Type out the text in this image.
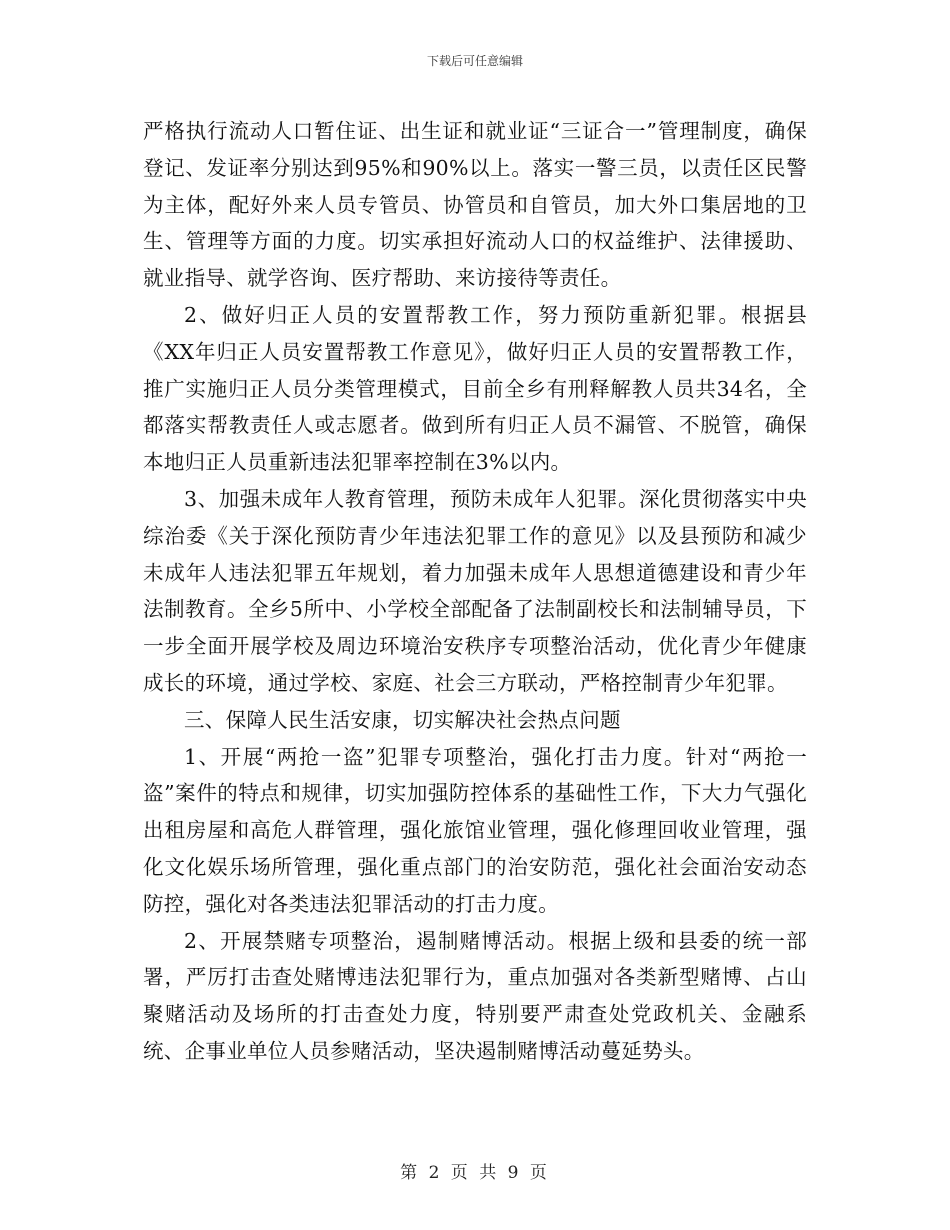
下载后可任意编辑

严格执行流动人口暂住证、出生证和就业证“三证合一”管理制度，确保登记、发证率分别达到95%和90%以上。落实一警三员，以责任区民警为主体，配好外来人员专管员、协管员和自管员，加大外口集居地的卫生、管理等方面的力度。切实承担好流动人口的权益维护、法律援助、就业指导、就学咨询、医疗帮助、来访接待等责任。

2、做好归正人员的安置帮教工作，努力预防重新犯罪。根据县《XX年归正人员安置帮教工作意见》，做好归正人员的安置帮教工作，推广实施归正人员分类管理模式，目前全乡有刑释解教人员共34名，全都落实帮教责任人或志愿者。做到所有归正人员不漏管、不脱管，确保本地归正人员重新违法犯罪率控制在3%以内。

3、加强未成年人教育管理，预防未成年人犯罪。深化贯彻落实中央综治委《关于深化预防青少年违法犯罪工作的意见》以及县预防和减少未成年人违法犯罪五年规划，着力加强未成年人思想道德建设和青少年法制教育。全乡5所中、小学校全部配备了法制副校长和法制辅导员，下一步全面开展学校及周边环境治安秩序专项整治活动，优化青少年健康成长的环境，通过学校、家庭、社会三方联动，严格控制青少年犯罪。

三、保障人民生活安康，切实解决社会热点问题

1、开展“两抢一盗”犯罪专项整治，强化打击力度。针对“两抢一盗”案件的特点和规律，切实加强防控体系的基础性工作，下大力气强化出租房屋和高危人群管理，强化旅馆业管理，强化修理回收业管理，强化文化娱乐场所管理，强化重点部门的治安防范，强化社会面治安动态防控，强化对各类违法犯罪活动的打击力度。

2、开展禁赌专项整治，遏制赌博活动。根据上级和县委的统一部署，严厉打击查处赌博违法犯罪行为，重点加强对各类新型赌博、占山聚赌活动及场所的打击查处力度，特别要严肃查处党政机关、金融系统、企事业单位人员参赌活动，坚决遏制赌博活动蔓延势头。

第 2 页 共 9 页
